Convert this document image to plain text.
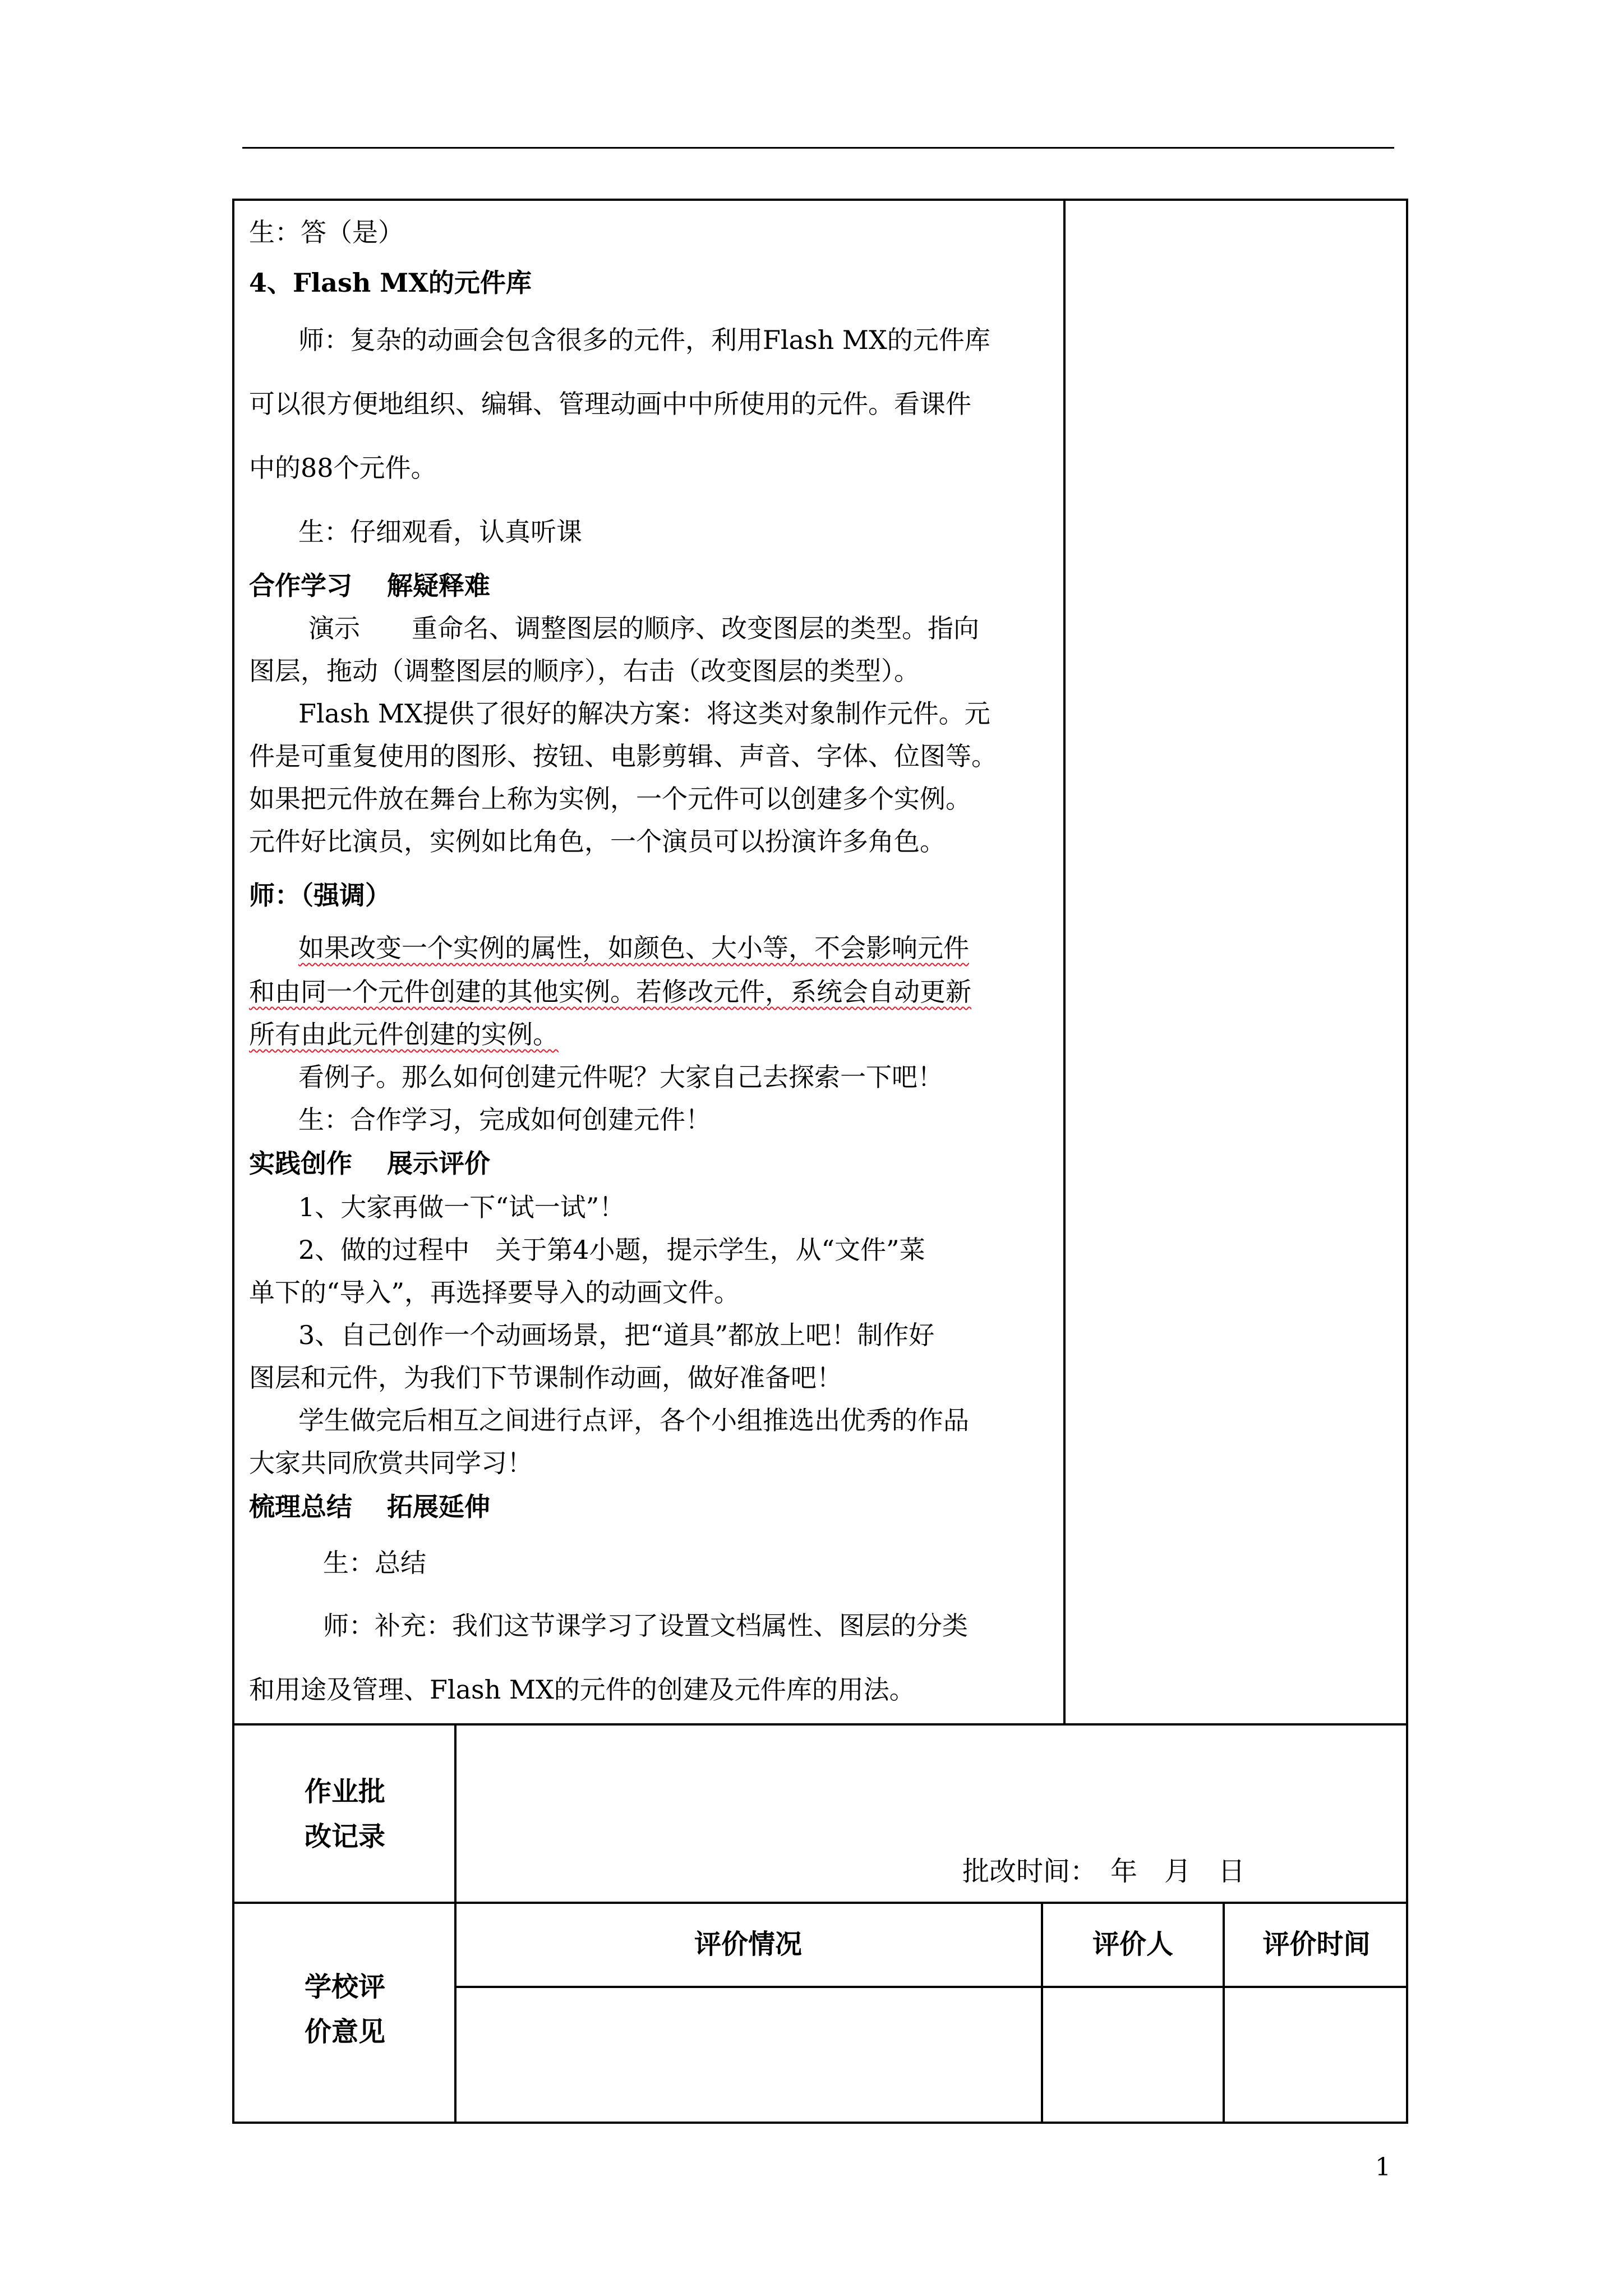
生：答（是）
4、Flash MX的元件库
师：复杂的动画会包含很多的元件，利用Flash MX的元件库
可以很方便地组织、编辑、管理动画中中所使用的元件。看课件
中的88个元件。
生：仔细观看，认真听课
合作学习　 解疑释难
演示　　重命名、调整图层的顺序、改变图层的类型。指向
图层，拖动（调整图层的顺序），右击（改变图层的类型）。
Flash MX提供了很好的解决方案：将这类对象制作元件。元
件是可重复使用的图形、按钮、电影剪辑、声音、字体、位图等。
如果把元件放在舞台上称为实例，一个元件可以创建多个实例。
元件好比演员，实例如比角色，一个演员可以扮演许多角色。
师：（强调）
如果改变一个实例的属性，如颜色、大小等，不会影响元件
和由同一个元件创建的其他实例。若修改元件，系统会自动更新
所有由此元件创建的实例。
看例子。那么如何创建元件呢？大家自己去探索一下吧！
生：合作学习，完成如何创建元件！
实践创作　 展示评价
1、大家再做一下“试一试”！
2、做的过程中　关于第4小题，提示学生，从“文件”菜
单下的“导入”，再选择要导入的动画文件。
3、自己创作一个动画场景，把“道具”都放上吧！制作好
图层和元件，为我们下节课制作动画，做好准备吧！
学生做完后相互之间进行点评，各个小组推选出优秀的作品
大家共同欣赏共同学习！
梳理总结　 拓展延伸
生：总结
师：补充：我们这节课学习了设置文档属性、图层的分类
和用途及管理、Flash MX的元件的创建及元件库的用法。
作业批
改记录
批改时间：　年　月　日
学校评
价意见
评价情况	评价人	评价时间
1
